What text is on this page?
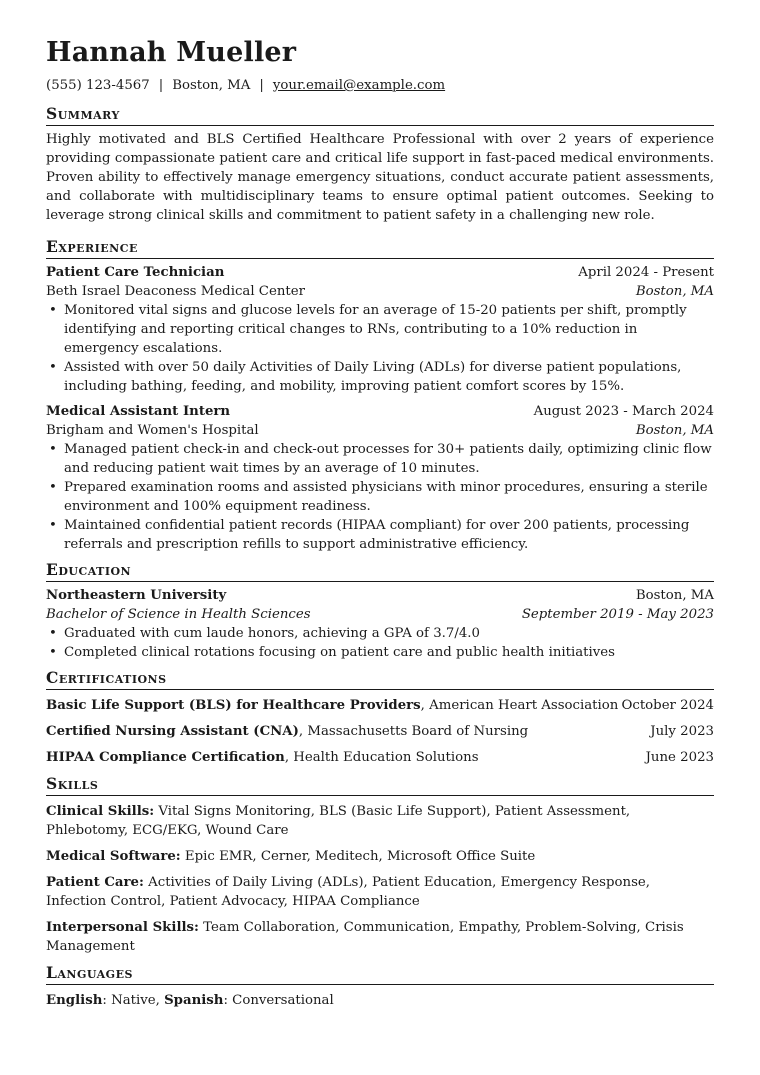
Hannah Mueller
(555) 123-4567 | Boston, MA | your.email@example.com
Summary
Highly motivated and BLS Certified Healthcare Professional with over 2 years of experience providing compassionate patient care and critical life support in fast-paced medical environments. Proven ability to effectively manage emergency situations, conduct accurate patient assessments, and collaborate with multidisciplinary teams to ensure optimal patient outcomes. Seeking to leverage strong clinical skills and commitment to patient safety in a challenging new role.
Experience
Patient Care Technician	April 2024 - Present
Beth Israel Deaconess Medical Center	Boston, MA
• Monitored vital signs and glucose levels for an average of 15-20 patients per shift, promptly identifying and reporting critical changes to RNs, contributing to a 10% reduction in emergency escalations.
• Assisted with over 50 daily Activities of Daily Living (ADLs) for diverse patient populations, including bathing, feeding, and mobility, improving patient comfort scores by 15%.
Medical Assistant Intern	August 2023 - March 2024
Brigham and Women's Hospital	Boston, MA
• Managed patient check-in and check-out processes for 30+ patients daily, optimizing clinic flow and reducing patient wait times by an average of 10 minutes.
• Prepared examination rooms and assisted physicians with minor procedures, ensuring a sterile environment and 100% equipment readiness.
• Maintained confidential patient records (HIPAA compliant) for over 200 patients, processing referrals and prescription refills to support administrative efficiency.
Education
Northeastern University	Boston, MA
Bachelor of Science in Health Sciences	September 2019 - May 2023
• Graduated with cum laude honors, achieving a GPA of 3.7/4.0
• Completed clinical rotations focusing on patient care and public health initiatives
Certifications
Basic Life Support (BLS) for Healthcare Providers, American Heart Association October 2024
Certified Nursing Assistant (CNA), Massachusetts Board of Nursing	July 2023
HIPAA Compliance Certification, Health Education Solutions	June 2023
Skills
Clinical Skills: Vital Signs Monitoring, BLS (Basic Life Support), Patient Assessment, Phlebotomy, ECG/EKG, Wound Care
Medical Software: Epic EMR, Cerner, Meditech, Microsoft Office Suite
Patient Care: Activities of Daily Living (ADLs), Patient Education, Emergency Response, Infection Control, Patient Advocacy, HIPAA Compliance
Interpersonal Skills: Team Collaboration, Communication, Empathy, Problem-Solving, Crisis Management
Languages
English: Native, Spanish: Conversational
